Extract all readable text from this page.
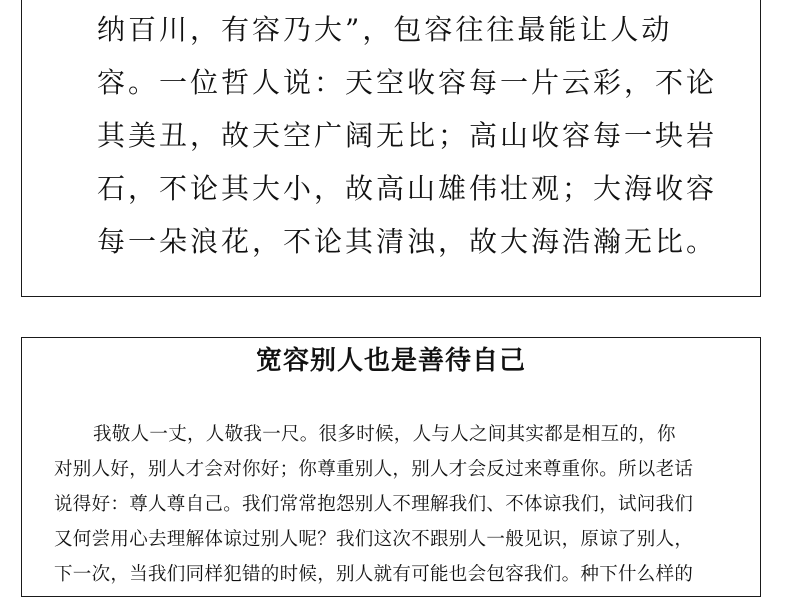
纳百川，有容乃大”，包容往往最能让人动
容。一位哲人说：天空收容每一片云彩，不论
其美丑，故天空广阔无比；高山收容每一块岩
石，不论其大小，故高山雄伟壮观；大海收容
每一朵浪花，不论其清浊，故大海浩瀚无比。
宽容别人也是善待自己
我敬人一丈，人敬我一尺。很多时候，人与人之间其实都是相互的，你
对别人好，别人才会对你好；你尊重别人，别人才会反过来尊重你。所以老话
说得好：尊人尊自己。我们常常抱怨别人不理解我们、不体谅我们，试问我们
又何尝用心去理解体谅过别人呢？我们这次不跟别人一般见识，原谅了别人，
下一次，当我们同样犯错的时候，别人就有可能也会包容我们。种下什么样的
